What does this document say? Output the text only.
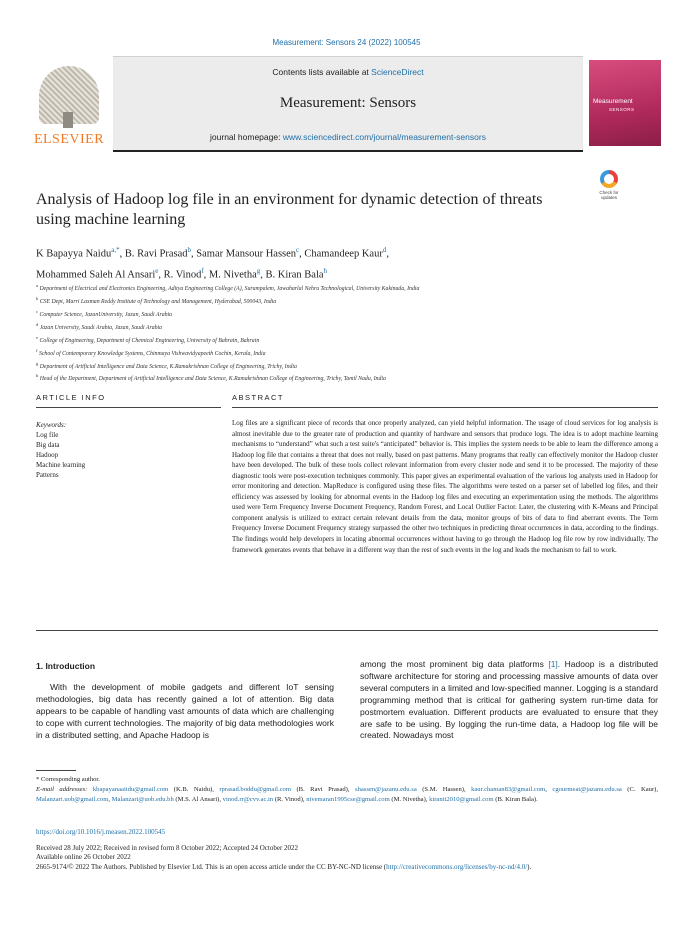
Measurement: Sensors 24 (2022) 100545
ELSEVIER
Contents lists available at ScienceDirect
Measurement: Sensors
journal homepage: www.sciencedirect.com/journal/measurement-sensors
Measurement
SENSORS
Analysis of Hadoop log file in an environment for dynamic detection of threats using machine learning
Check for updates
K Bapayya Naidu$^{a,*}$, B. Ravi Prasad$^b$, Samar Mansour Hassen$^c$, Chamandeep Kaur$^d$,
Mohammed Saleh Al Ansari$^e$, R. Vinod$^f$, M. Nivetha$^g$, B. Kiran Bala$^h$
$^a$ Department of Electrical and Electronics Engineering, Aditya Engineering College (A), Surampalem, Jawaharlal Nehru Technological, University Kakinada, India
$^b$ CSE Dept, Marri Laxman Reddy Institute of Technology and Management, Hyderabad, 500043, India
$^c$ Computer Science, JazanUniversity, Jazan, Saudi Arabia
$^d$ Jazan University, Saudi Arabia, Jazan, Saudi Arabia
$^e$ College of Engineering, Department of Chemical Engineering, University of Bahrain, Bahrain
$^f$ School of Contemporary Knowledge Systems, Chinmaya Vishwavidyapeeth Cochin, Kerala, India
$^g$ Department of Artificial Intelligence and Data Science, K.Ramakrishnan College of Engineering, Trichy, India
$^h$ Head of the Department, Department of Artificial Intelligence and Data Science, K.Ramakrishnan College of Engineering, Trichy, Tamil Nadu, India
ARTICLE INFO	ABSTRACT
Keywords:
Log file
Big data
Hadoop
Machine learning
Patterns
Log files are a significant piece of records that once properly analyzed, can yield helpful information. The usage of cloud services for log analysis is almost inevitable due to the greater rate of production and quantity of hardware and sensors that produce logs. The idea is to adopt machine learning mechanisms to “understand” what such a test suite's “anticipated” behavior is. This implies the system needs to be able to learn the difference among a Hadoop log file that contains a threat that does not really, based on past patterns. Many programs that really can effectively monitor the Hadoop cluster have been developed. The bulk of these tools collect relevant information from every cluster node and send it to be processed. The majority of these diagnostic tools were post-execution techniques commonly. This paper gives an experimental evaluation of the various log analysts used in Hadoop for error monitoring and detection. MapReduce is configured using these files. The algorithms were tested on a parser set of labelled log files, and their efficiency was assessed by looking for abnormal events in the Hadoop log files and executing an experimentation using the methods. The algorithms used were Term Frequency Inverse Document Frequency, Random Forest, and Local Outlier Factor. Later, the clustering with K-Means and Principal component analysis is utilized to extract certain relevant details from the data, monitor groups of bits of data to find aberrant events. The Term Frequency Inverse Document Frequency strategy surpassed the other two techniques in predicting threat occurrences in data, according to the findings. The findings would help developers in locating abnormal occurrences without having to go through the Hadoop log file row by row individually. The framework generates events that behave in a different way than the rest of such events in the log and leads the mechanism to fail to work.
1. Introduction

With the development of mobile gadgets and different IoT sensing methodologies, big data has recently gained a lot of attention. Big data appears to be capable of handling vast amounts of data which are challenging to cope with current technologies. The majority of big data methodologies work in a distributed setting, and Apache Hadoop is

among the most prominent big data platforms [1]. Hadoop is a distributed software architecture for storing and processing massive amounts of data over several computers in a limited and low-specified manner. Logging is a standard programming method that is critical for gathering system run-time data for postmortem evaluation. Different products are evaluated to ensure that they are safe to be using. By logging the run-time data, a Hadoop log file will be created. Nowadays most

* Corresponding author.
E-mail addresses: kbapayanaaiidu@gmail.com (K.B. Naidu), rprasad.boddu@gmail.com (B. Ravi Prasad), shassen@jazanu.edu.sa (S.M. Hassen), kaur.chaman83@gmail.com, cgourmeat@jazanu.edu.sa (C. Kaur), Malanzari.uob@gmail.com, Malanzari@uob.edu.bh (M.S. Al Ansari), vinod.rr@cvv.ac.in (R. Vinod), nivemaran1995cse@gmail.com (M. Nivetha), kiranit2010@gmail.com (B. Kiran Bala).
https://doi.org/10.1016/j.measen.2022.100545
Received 28 July 2022; Received in revised form 8 October 2022; Accepted 24 October 2022
Available online 26 October 2022
2665-9174/© 2022 The Authors. Published by Elsevier Ltd. This is an open access article under the CC BY-NC-ND license (http://creativecommons.org/licenses/by-nc-nd/4.0/).
